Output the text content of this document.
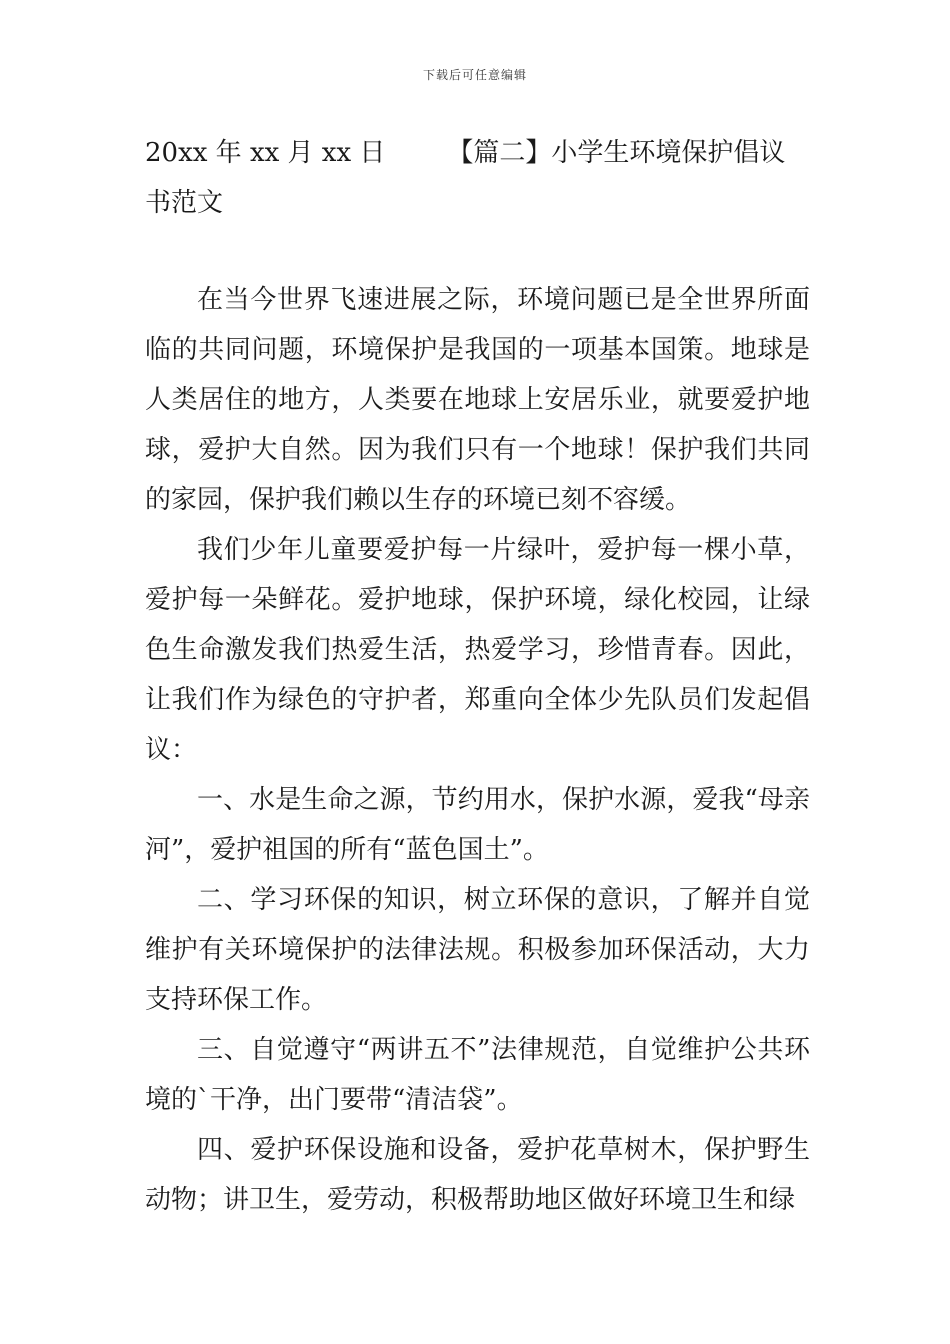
下载后可任意编辑
20xx 年 xx 月 xx 日 【篇二】小学生环境保护倡议书范文

在当今世界飞速进展之际，环境问题已是全世界所面临的共同问题，环境保护是我国的一项基本国策。地球是人类居住的地方，人类要在地球上安居乐业，就要爱护地球，爱护大自然。因为我们只有一个地球！保护我们共同的家园，保护我们赖以生存的环境已刻不容缓。

我们少年儿童要爱护每一片绿叶，爱护每一棵小草，爱护每一朵鲜花。爱护地球，保护环境，绿化校园，让绿色生命激发我们热爱生活，热爱学习，珍惜青春。因此，让我们作为绿色的守护者，郑重向全体少先队员们发起倡议：

一、水是生命之源，节约用水，保护水源，爱我“母亲河”，爱护祖国的所有“蓝色国土”。

二、学习环保的知识，树立环保的意识，了解并自觉维护有关环境保护的法律法规。积极参加环保活动，大力支持环保工作。

三、自觉遵守“两讲五不”法律规范，自觉维护公共环境的`干净，出门要带“清洁袋”。

四、爱护环保设施和设备，爱护花草树木，保护野生动物；讲卫生，爱劳动，积极帮助地区做好环境卫生和绿
